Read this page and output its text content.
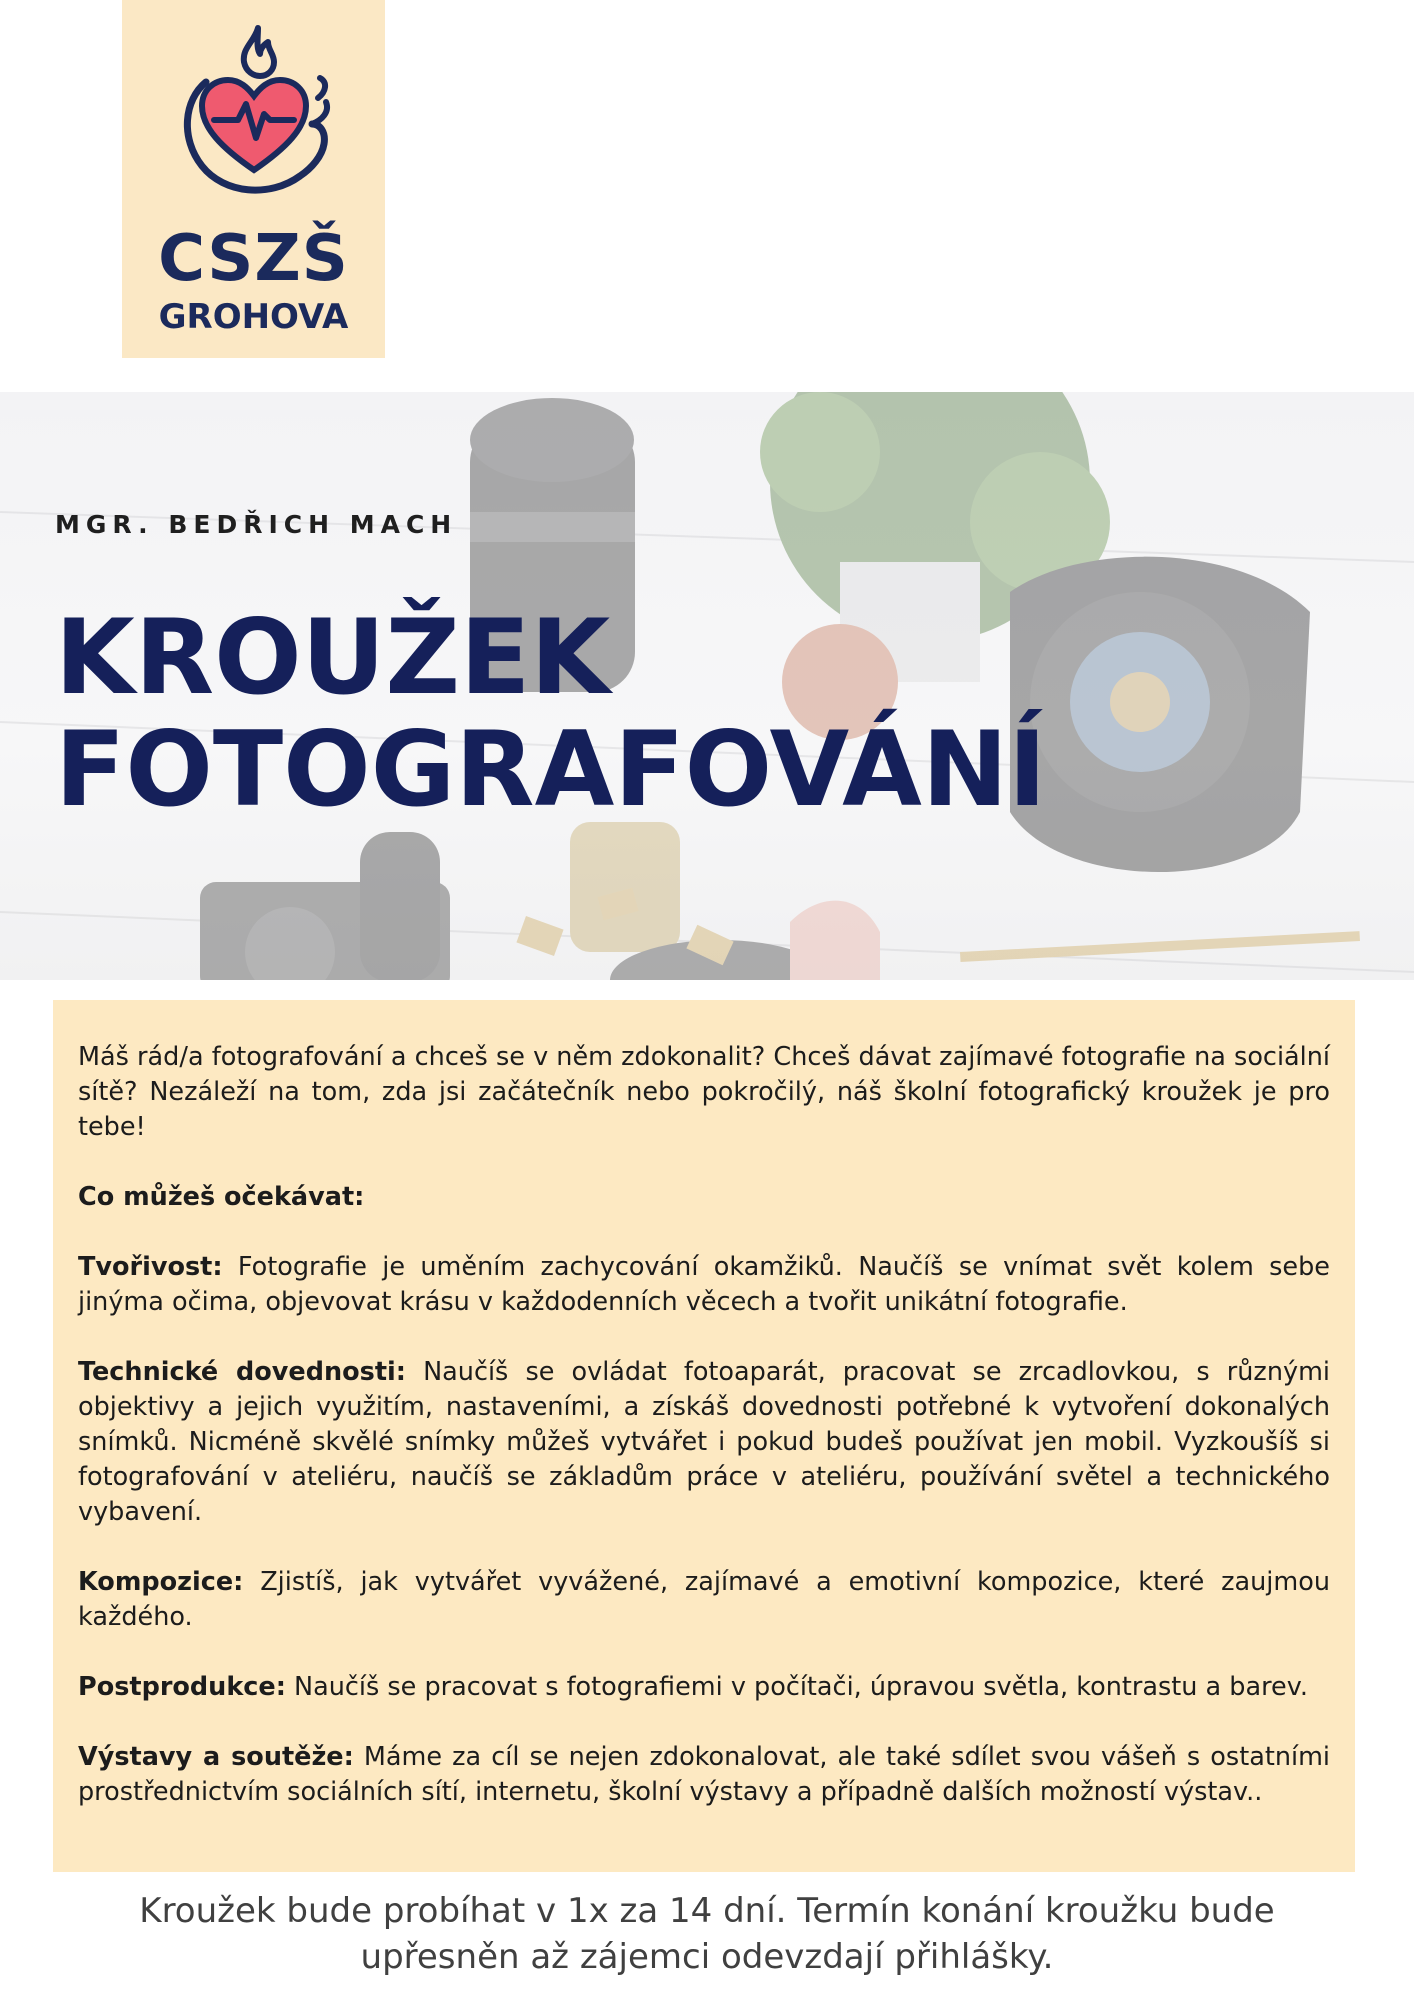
CSZŠ
GROHOVA
MGR. BEDŘICH MACH
KROUŽEK
FOTOGRAFOVÁNÍ

Máš rád/a fotografování a chceš se v něm zdokonalit? Chceš dávat zajímavé fotografie na sociální sítě? Nezáleží na tom, zda jsi začátečník nebo pokročilý, náš školní fotografický kroužek je pro tebe!

Co můžeš očekávat:

Tvořivost: Fotografie je uměním zachycování okamžiků. Naučíš se vnímat svět kolem sebe jinýma očima, objevovat krásu v každodenních věcech a tvořit unikátní fotografie.

Technické dovednosti: Naučíš se ovládat fotoaparát, pracovat se zrcadlovkou, s různými objektivy a jejich využitím, nastaveními, a získáš dovednosti potřebné k vytvoření dokonalých snímků. Nicméně skvělé snímky můžeš vytvářet i pokud budeš používat jen mobil. Vyzkoušíš si fotografování v ateliéru, naučíš se základům práce v ateliéru, používání světel a technického vybavení.

Kompozice: Zjistíš, jak vytvářet vyvážené, zajímavé a emotivní kompozice, které zaujmou každého.

Postprodukce: Naučíš se pracovat s fotografiemi v počítači, úpravou světla, kontrastu a barev.

Výstavy a soutěže: Máme za cíl se nejen zdokonalovat, ale také sdílet svou vášeň s ostatními prostřednictvím sociálních sítí, internetu, školní výstavy a případně dalších možností výstav..

Kroužek bude probíhat v 1x za 14 dní. Termín konání kroužku bude upřesněn až zájemci odevzdají přihlášky.
